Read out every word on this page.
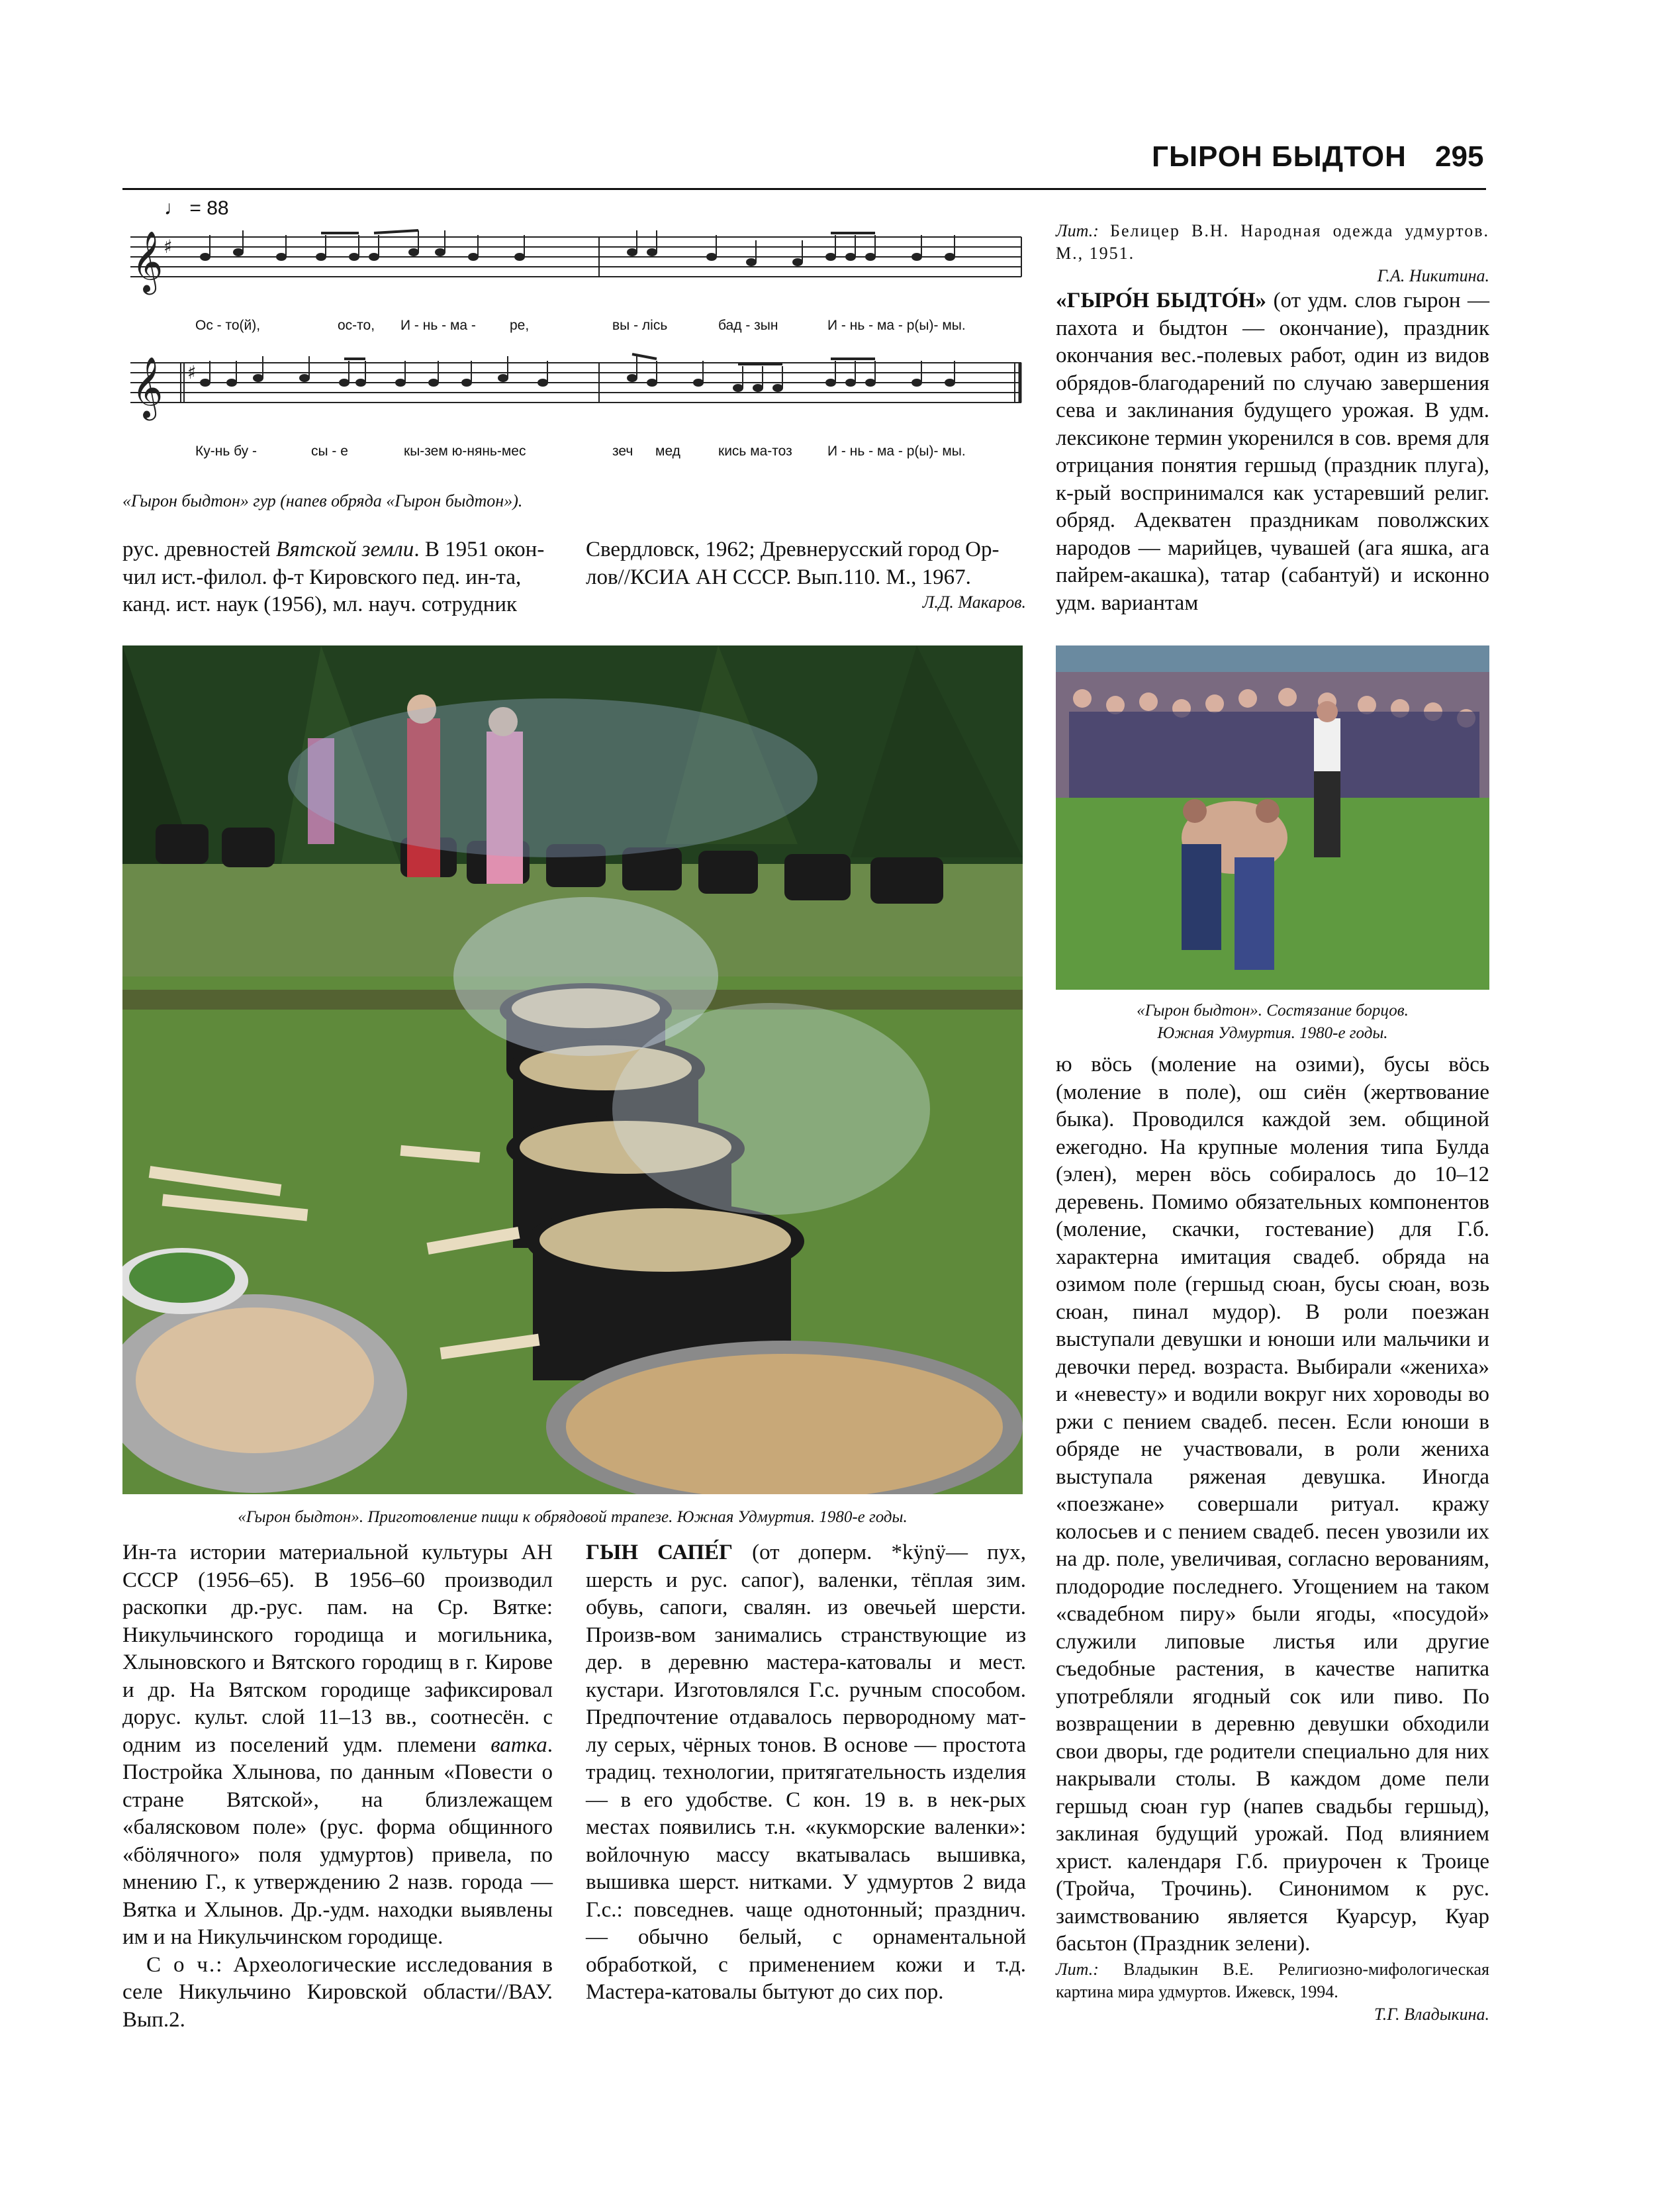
ГЫРОН БЫДТОН 295
♩ = 88
𝄞
𝄞
♯
♯
Ос - то(й),	ос-то, И - нь - ма - ре,	вы - лісь	бад - зын	И - нь - ма - р(ы)- мы.
Ку-нь бу -	сы - е	кы-зем ю-нянь-мес	зеч мед	кись ма-тоз	И - нь - ма - р(ы)- мы.
«Гырон быдтон» гур (напев обряда «Гырон быдтон»).

рус. древностей Вятской земли. В 1951 окон-

чил ист.-филол. ф-т Кировского пед. ин-та,

канд. ист. наук (1956), мл. науч. сотрудник

Свердловск, 1962; Древнерусский город Ор-

лов//КСИА АН СССР. Вып.110. М., 1967.

Л.Д. Макаров.

Лит.: Белицер В.Н. Народная одежда удмуртов. М., 1951.

Г.А. Никитина.

«ГЫРО́Н БЫДТО́Н» (от удм. слов гырон — пахота и быдтон — окончание), праздник окончания вес.-полевых работ, один из видов обрядов-благодарений по случаю завершения сева и заклинания будущего урожая. В удм. лексиконе термин укоренился в сов. время для отрицания понятия гершыд (праздник плуга), к-рый воспринимался как устаревший религ. обряд. Адекватен праздникам поволжских народов — марийцев, чувашей (ага яшка, ага пайрем-акашка), татар (сабантуй) и исконно удм. вариантам

«Гырон быдтон». Приготовление пищи к обрядовой трапезе. Южная Удмуртия. 1980-е годы.
«Гырон быдтон». Состязание борцов.
Южная Удмуртия. 1980-е годы.

ю вӧсь (моление на озими), бусы вӧсь (моление в поле), ош сиён (жертвование быка). Проводился каждой зем. общиной ежегодно. На крупные моления типа Булда (элен), мерен вӧсь собиралось до 10–12 деревень. Помимо обязательных компонентов (моление, скачки, гостевание) для Г.б. характерна имитация свадеб. обряда на озимом поле (гершыд сюан, бусы сюан, возь сюан, пинал мудор). В роли поезжан выступали девушки и юноши или мальчики и девочки перед. возраста. Выбирали «жениха» и «невесту» и водили вокруг них хороводы во ржи с пением свадеб. песен. Если юноши в обряде не участвовали, в роли жениха выступала ряженая девушка. Иногда «поезжане» совершали ритуал. кражу колосьев и с пением свадеб. песен увозили их на др. поле, увеличивая, согласно верованиям, плодородие последнего. Угощением на таком «свадебном пиру» были ягоды, «посудой» служили липовые листья или другие съедобные растения, в качестве напитка употребляли ягодный сок или пиво. По возвращении в деревню девушки обходили свои дворы, где родители специально для них накрывали столы. В каждом доме пели гершыд сюан гур (напев свадьбы гершыд), заклиная будущий урожай. Под влиянием христ. календаря Г.б. приурочен к Троице (Тройча, Трочинь). Синонимом к рус. заимствованию является Куарсур, Куар басьтон (Праздник зелени).

Лит.: Владыкин В.Е. Религиозно-мифологическая картина мира удмуртов. Ижевск, 1994.

Т.Г. Владыкина.

Ин-та истории материальной культуры АН СССР (1956–65). В 1956–60 производил раскопки др.-рус. пам. на Ср. Вятке: Никульчинского городища и могильника, Хлыновского и Вятского городищ в г. Кирове и др. На Вятском городище зафиксировал дорус. культ. слой 11–13 вв., соотнесён. с одним из поселений удм. племени ватка. Постройка Хлынова, по данным «Повести о стране Вятской», на близлежащем «балясковом поле» (рус. форма общинного «бӧлячного» поля удмуртов) привела, по мнению Г., к утверждению 2 назв. города — Вятка и Хлынов. Др.-удм. находки выявлены им и на Никульчинском городище.

С о ч.: Археологические исследования в селе Никульчино Кировской области//ВАУ. Вып.2.

ГЫН САПЕ́Г (от доперм. *kӱnӱ— пух, шерсть и рус. сапог), валенки, тёплая зим. обувь, сапоги, свалян. из овечьей шерсти. Произв-вом занимались странствующие из дер. в деревню мастера-катовалы и мест. кустари. Изготовлялся Г.с. ручным способом. Предпочтение отдавалось первородному мат-лу серых, чёрных тонов. В основе — простота традиц. технологии, притягательность изделия — в его удобстве. С кон. 19 в. в нек-рых местах появились т.н. «кукморские валенки»: войлочную массу вкатывалась вышивка, вышивка шерст. нитками. У удмуртов 2 вида Г.с.: повседнев. чаще однотонный; празднич. — обычно белый, с орнаментальной обработкой, с применением кожи и т.д. Мастера-катовалы бытуют до сих пор.
